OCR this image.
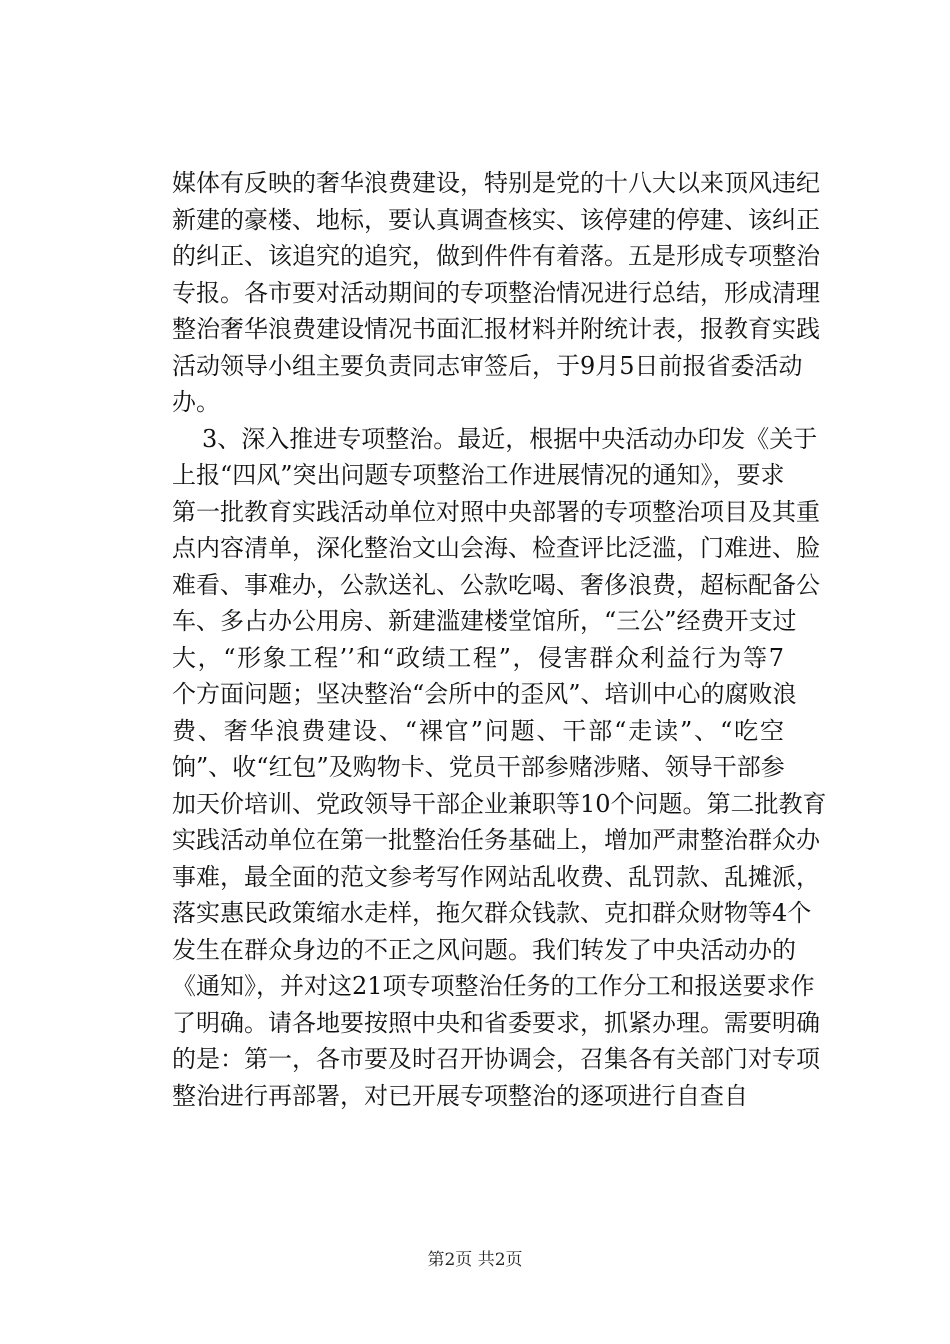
媒体有反映的奢华浪费建设，特别是党的十八大以来顶风违纪
新建的豪楼、地标，要认真调查核实、该停建的停建、该纠正
的纠正、该追究的追究，做到件件有着落。五是形成专项整治
专报。各市要对活动期间的专项整治情况进行总结，形成清理
整治奢华浪费建设情况书面汇报材料并附统计表，报教育实践
活动领导小组主要负责同志审签后，于9月5日前报省委活动
办。
3、深入推进专项整治。最近，根据中央活动办印发《关于
上报“四风”突出问题专项整治工作进展情况的通知》，要求
第一批教育实践活动单位对照中央部署的专项整治项目及其重
点内容清单，深化整治文山会海、检查评比泛滥，门难进、脸
难看、事难办，公款送礼、公款吃喝、奢侈浪费，超标配备公
车、多占办公用房、新建滥建楼堂馆所，“三公”经费开支过
大，“形象工程’’和“政绩工程”，侵害群众利益行为等7
个方面问题；坚决整治“会所中的歪风”、培训中心的腐败浪
费、奢华浪费建设、“裸官”问题、干部“走读”、“吃空
饷”、收“红包”及购物卡、党员干部参赌涉赌、领导干部参
加天价培训、党政领导干部企业兼职等10个问题。第二批教育
实践活动单位在第一批整治任务基础上，增加严肃整治群众办
事难，最全面的范文参考写作网站乱收费、乱罚款、乱摊派，
落实惠民政策缩水走样，拖欠群众钱款、克扣群众财物等4个
发生在群众身边的不正之风问题。我们转发了中央活动办的
《通知》，并对这21项专项整治任务的工作分工和报送要求作
了明确。请各地要按照中央和省委要求，抓紧办理。需要明确
的是：第一，各市要及时召开协调会，召集各有关部门对专项
整治进行再部署，对已开展专项整治的逐项进行自查自
第2页 共2页
